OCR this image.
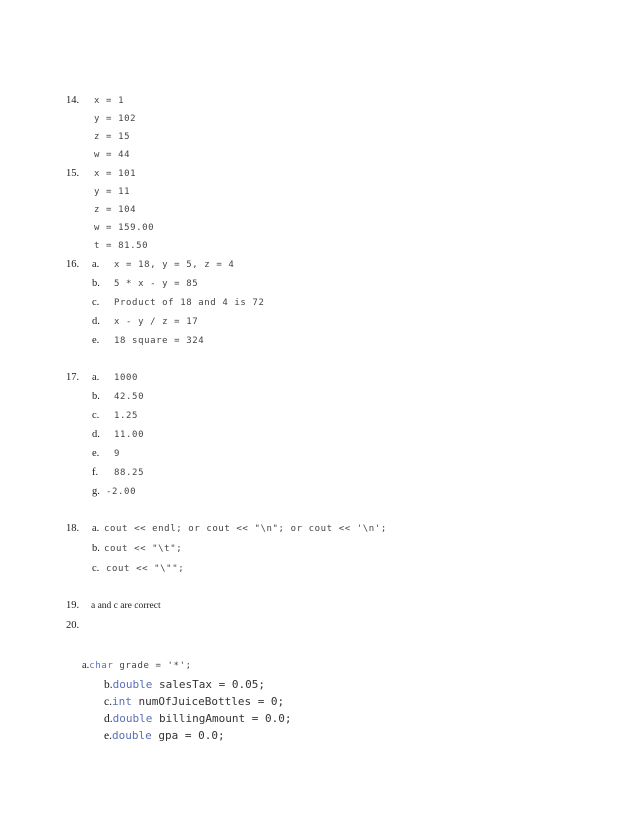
14. x = 1
y = 102
z = 15
w = 44
15. x = 101
y = 11
z = 104
w = 159.00
t = 81.50
16. a. x = 18, y = 5, z = 4
b. 5 * x - y = 85
c. Product of 18 and 4 is 72
d. x - y / z = 17
e. 18 square = 324
17. a. 1000
b. 42.50
c. 1.25
d. 11.00
e. 9
f. 88.25
g. -2.00
18. a. cout << endl; or cout << "\n"; or cout << '\n';
b. cout << "\t";
c. cout << "\"";
19. a and c are correct
20.

a.char grade = '*';

b.double salesTax = 0.05;

c.int numOfJuiceBottles = 0;

d.double billingAmount = 0.0;

e.double gpa = 0.0;
